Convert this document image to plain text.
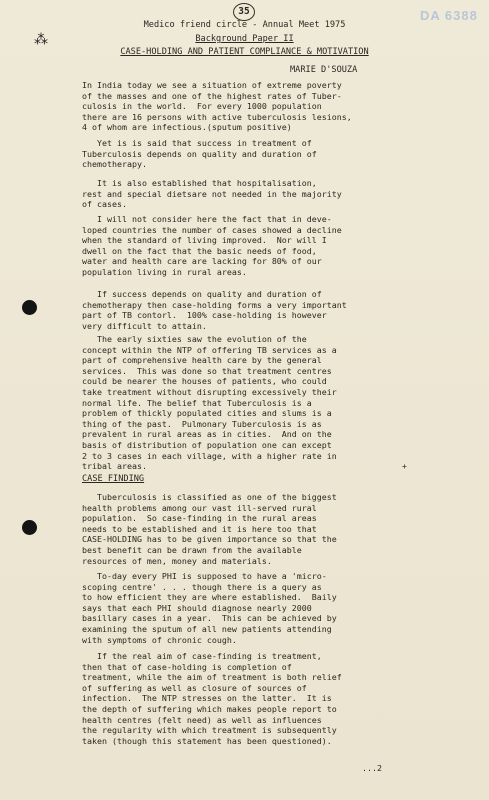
35	DA 6388
⁂
Medico friend circle - Annual Meet 1975
Background Paper II
CASE-HOLDING AND PATIENT COMPLIANCE & MOTIVATION
MARIE D'SOUZA
In India today we see a situation of extreme poverty
of the masses and one of the highest rates of Tuber-
culosis in the world.  For every 1000 population
there are 16 persons with active tuberculosis lesions,
4 of whom are infectious.(sputum positive)
Yet is is said that success in treatment of
Tuberculosis depends on quality and duration of
chemotherapy.
It is also established that hospitalisation,
rest and special dietsare not needed in the majority
of cases.
I will not consider here the fact that in deve-
loped countries the number of cases showed a decline
when the standard of living improved.  Nor will I
dwell on the fact that the basic needs of food,
water and health care are lacking for 80% of our
population living in rural areas.
If success depends on quality and duration of
chemotherapy then case-holding forms a very important
part of TB contorl.  100% case-holding is however
very difficult to attain.
The early sixties saw the evolution of the
concept within the NTP of offering TB services as a
part of comprehensive health care by the general
services.  This was done so that treatment centres
could be nearer the houses of patients, who could
take treatment without disrupting excessively their
normal life. The belief that Tuberculosis is a
problem of thickly populated cities and slums is a
thing of the past.  Pulmonary Tuberculosis is as
prevalent in rural areas as in cities.  And on the
basis of distribution of population one can except
2 to 3 cases in each village, with a higher rate in
tribal areas.	+
CASE FINDING
Tuberculosis is classified as one of the biggest
health problems among our vast ill-served rural
population.  So case-finding in the rural areas
needs to be established and it is here too that
CASE-HOLDING has to be given importance so that the
best benefit can be drawn from the available
resources of men, money and materials.
To-day every PHI is supposed to have a 'micro-
scoping centre' . . . though there is a query as
to how efficient they are where established.  Baily
says that each PHI should diagnose nearly 2000
basillary cases in a year.  This can be achieved by
examining the sputum of all new patients attending
with symptoms of chronic cough.
If the real aim of case-finding is treatment,
then that of case-holding is completion of
treatment, while the aim of treatment is both relief
of suffering as well as closure of sources of
infection.  The NTP stresses on the latter.  It is
the depth of suffering which makes people report to
health centres (felt need) as well as influences
the regularity with which treatment is subsequently
taken (though this statement has been questioned).
...2
